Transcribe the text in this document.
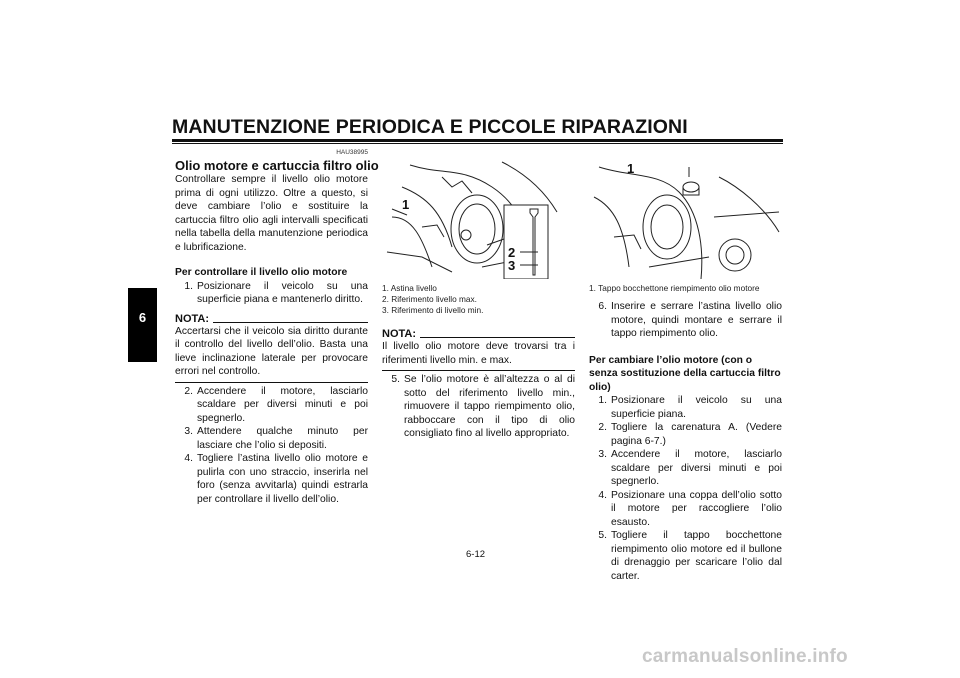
MANUTENZIONE PERIODICA E PICCOLE RIPARAZIONI
6
HAU38995
Olio motore e cartuccia filtro olio
Controllare sempre il livello olio motore prima di ogni utilizzo. Oltre a questo, si deve cambiare l’olio e sostituire la cartuccia filtro olio agli intervalli specificati nella tabella della manutenzione periodica e lubrificazione.
Per controllare il livello olio motore
1. Posizionare il veicolo su una superficie piana e mantenerlo diritto.
NOTA:
Accertarsi che il veicolo sia diritto durante il controllo del livello dell’olio. Basta una lieve inclinazione laterale per provocare errori nel controllo.
2. Accendere il motore, lasciarlo scaldare per diversi minuti e poi spegnerlo.
3. Attendere qualche minuto per lasciare che l’olio si depositi.
4. Togliere l’astina livello olio motore e pulirla con uno straccio, inserirla nel foro (senza avvitarla) quindi estrarla per controllare il livello dell’olio.
2
3
1
1. Astina livello
2. Riferimento livello max.
3. Riferimento di livello min.
NOTA:
Il livello olio motore deve trovarsi tra i riferimenti livello min. e max.
5. Se l’olio motore è all’altezza o al di sotto del riferimento livello min., rimuovere il tappo riempimento olio, rabboccare con il tipo di olio consigliato fino al livello appropriato.
1
1. Tappo bocchettone riempimento olio motore
6. Inserire e serrare l’astina livello olio motore, quindi montare e serrare il tappo riempimento olio.
Per cambiare l’olio motore (con o senza sostituzione della cartuccia filtro olio)
1. Posizionare il veicolo su una superficie piana.
2. Togliere la carenatura A. (Vedere pagina 6-7.)
3. Accendere il motore, lasciarlo scaldare per diversi minuti e poi spegnerlo.
4. Posizionare una coppa dell’olio sotto il motore per raccogliere l’olio esausto.
5. Togliere il tappo bocchettone riempimento olio motore ed il bullone di drenaggio per scaricare l’olio dal carter.
6-12
carmanualsonline.info
